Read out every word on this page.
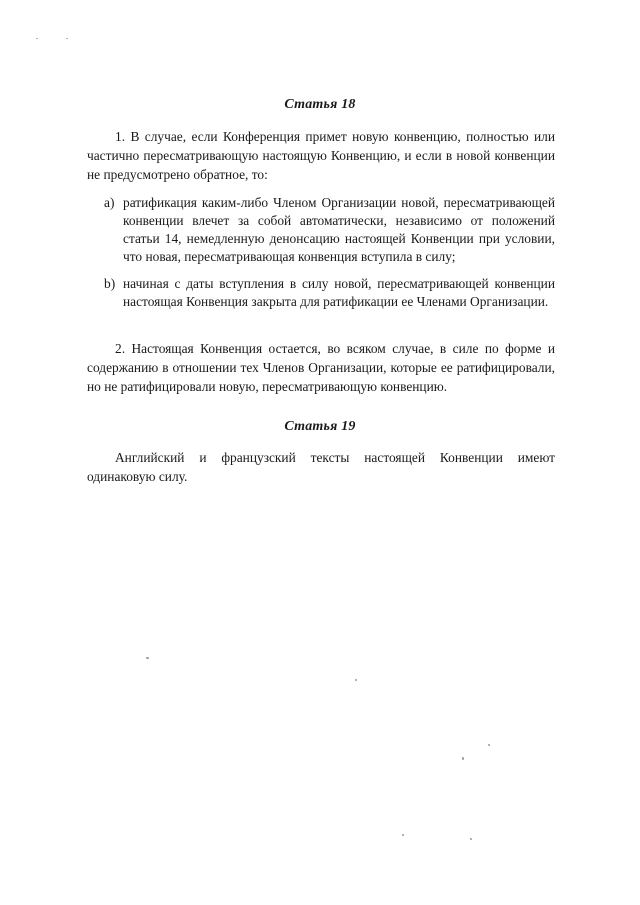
Статья 18

1. В случае, если Конференция примет новую конвенцию, полностью или частично пересматривающую настоящую Конвенцию, и если в новой конвенции не предусмотрено обратное, то:

a) ратификация каким-либо Членом Организации новой, пересматривающей конвенции влечет за собой автоматически, независимо от положений статьи 14, немедленную денонсацию настоящей Конвенции при условии, что новая, пересматривающая конвенция вступила в силу;
b) начиная с даты вступления в силу новой, пересматривающей конвенции настоящая Конвенция закрыта для ратификации ее Членами Организации.

2. Настоящая Конвенция остается, во всяком случае, в силе по форме и содержанию в отношении тех Членов Организации, которые ее ратифицировали, но не ратифицировали новую, пересматривающую конвенцию.

Статья 19

Английский и французский тексты настоящей Конвенции имеют одинаковую силу.
